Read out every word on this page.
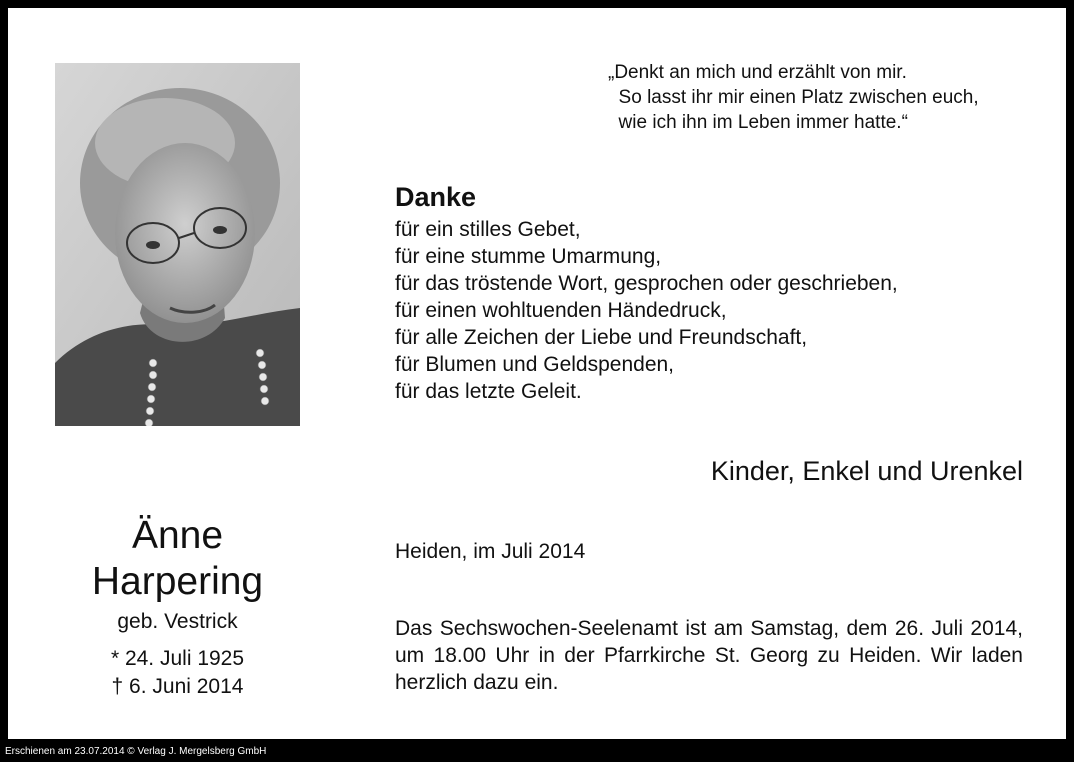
„Denkt an mich und erzählt von mir.
So lasst ihr mir einen Platz zwischen euch,
wie ich ihn im Leben immer hatte.“
Danke
für ein stilles Gebet,
für eine stumme Umarmung,
für das tröstende Wort, gesprochen oder geschrieben,
für einen wohltuenden Händedruck,
für alle Zeichen der Liebe und Freundschaft,
für Blumen und Geldspenden,
für das letzte Geleit.
Kinder, Enkel und Urenkel
Heiden, im Juli 2014
Das Sechswochen-Seelenamt ist am Samstag, dem 26. Juli 2014, um 18.00 Uhr in der Pfarrkirche St. Georg zu Heiden. Wir laden herzlich dazu ein.
Änne
Harpering
geb. Vestrick
* 24. Juli 1925
† 6. Juni 2014
Erschienen am 23.07.2014 © Verlag J. Mergelsberg GmbH
